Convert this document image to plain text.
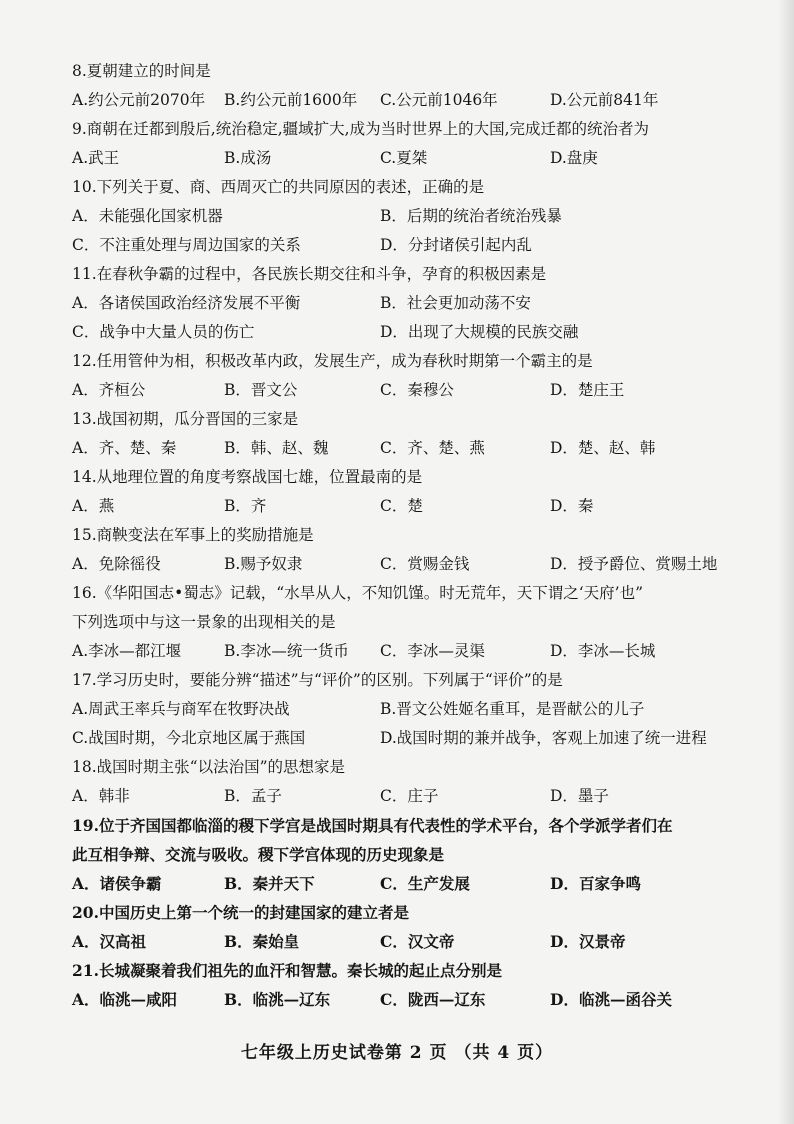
8.夏朝建立的时间是
A.约公元前2070年 B.约公元前1600年 C.公元前1046年	D.公元前841年
9.商朝在迁都到殷后,统治稳定,疆域扩大,成为当时世界上的大国,完成迁都的统治者为
A.武王	B.成汤	C.夏桀	D.盘庚
10.下列关于夏、商、西周灭亡的共同原因的表述，正确的是
A．未能强化国家机器	B．后期的统治者统治残暴
C．不注重处理与周边国家的关系	D．分封诸侯引起内乱
11.在春秋争霸的过程中，各民族长期交往和斗争，孕育的积极因素是
A．各诸侯国政治经济发展不平衡	B．社会更加动荡不安
C．战争中大量人员的伤亡	D．出现了大规模的民族交融
12.任用管仲为相，积极改革内政，发展生产，成为春秋时期第一个霸主的是
A．齐桓公	B．晋文公	C．秦穆公	D．楚庄王
13.战国初期，瓜分晋国的三家是
A．齐、楚、秦	B．韩、赵、魏	C．齐、楚、燕	D．楚、赵、韩
14.从地理位置的角度考察战国七雄，位置最南的是
A．燕	B．齐	C．楚	D．秦
15.商鞅变法在军事上的奖励措施是
A．免除徭役	B.赐予奴隶	C．赏赐金钱	D．授予爵位、赏赐土地
16.《华阳国志•蜀志》记载，“水旱从人，不知饥馑。时无荒年，天下谓之‘天府’也”
下列选项中与这一景象的出现相关的是
A.李冰—都江堰	B.李冰—统一货币 C．李冰—灵渠	D．李冰—长城
17.学习历史时，要能分辨“描述”与“评价”的区别。下列属于“评价”的是
A.周武王率兵与商军在牧野决战	B.晋文公姓姬名重耳，是晋献公的儿子
C.战国时期，今北京地区属于燕国	D.战国时期的兼并战争，客观上加速了统一进程
18.战国时期主张“以法治国”的思想家是
A．韩非	B．孟子	C．庄子	D．墨子
19.位于齐国国都临淄的稷下学宫是战国时期具有代表性的学术平台，各个学派学者们在
此互相争辩、交流与吸收。稷下学宫体现的历史现象是
A．诸侯争霸	B．秦并天下	C．生产发展	D．百家争鸣
20.中国历史上第一个统一的封建国家的建立者是
A．汉高祖	B．秦始皇	C．汉文帝	D．汉景帝
21.长城凝聚着我们祖先的血汗和智慧。秦长城的起止点分别是
A．临洮—咸阳	B．临洮—辽东	C．陇西—辽东	D．临洮—函谷关
七年级上历史试卷第 2 页 （共 4 页）
